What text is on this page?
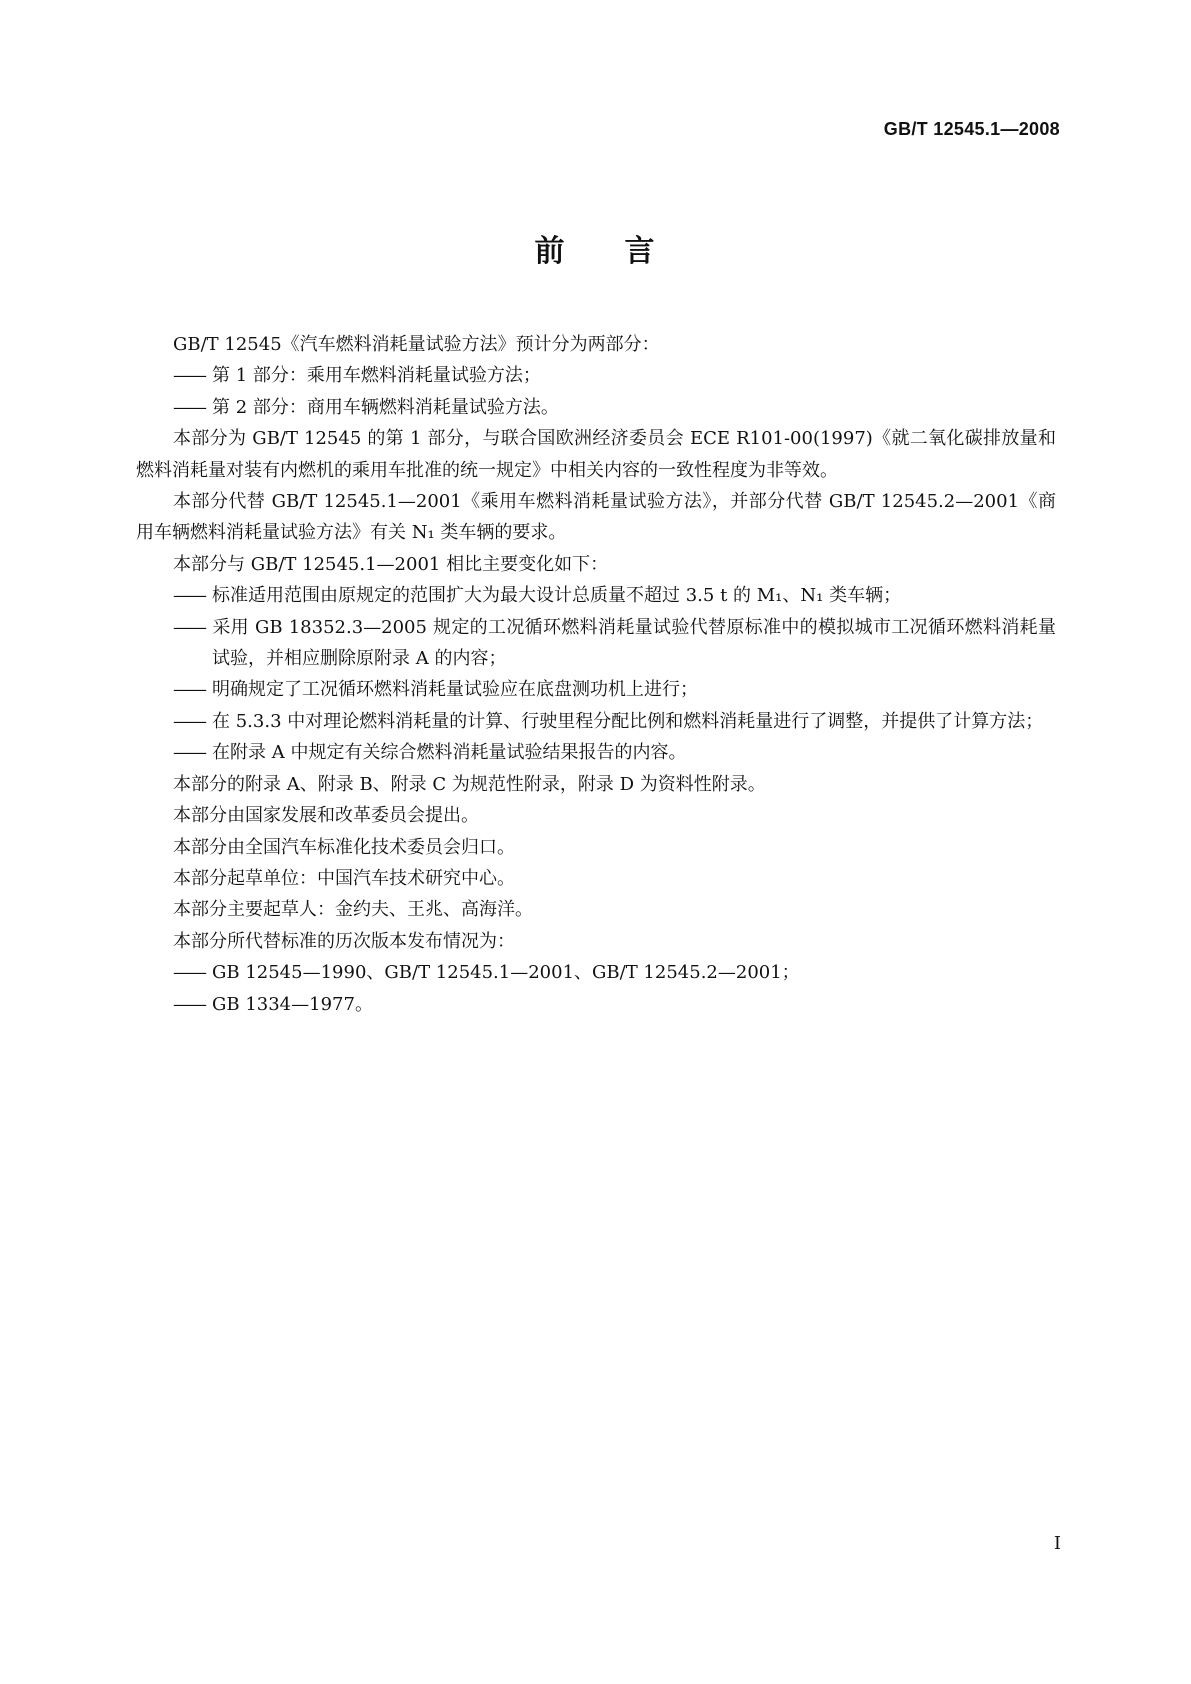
GB/T 12545.1—2008
前 言

GB/T 12545《汽车燃料消耗量试验方法》预计分为两部分：

—— 第 1 部分：乘用车燃料消耗量试验方法；

—— 第 2 部分：商用车辆燃料消耗量试验方法。

本部分为 GB/T 12545 的第 1 部分，与联合国欧洲经济委员会 ECE R101-00(1997)《就二氧化碳排放量和燃料消耗量对装有内燃机的乘用车批准的统一规定》中相关内容的一致性程度为非等效。

本部分代替 GB/T 12545.1—2001《乘用车燃料消耗量试验方法》，并部分代替 GB/T 12545.2—2001《商用车辆燃料消耗量试验方法》有关 N₁ 类车辆的要求。

本部分与 GB/T 12545.1—2001 相比主要变化如下：

—— 标准适用范围由原规定的范围扩大为最大设计总质量不超过 3.5 t 的 M₁、N₁ 类车辆；

—— 采用 GB 18352.3—2005 规定的工况循环燃料消耗量试验代替原标准中的模拟城市工况循环燃料消耗量试验，并相应删除原附录 A 的内容；

—— 明确规定了工况循环燃料消耗量试验应在底盘测功机上进行；

—— 在 5.3.3 中对理论燃料消耗量的计算、行驶里程分配比例和燃料消耗量进行了调整，并提供了计算方法；

—— 在附录 A 中规定有关综合燃料消耗量试验结果报告的内容。

本部分的附录 A、附录 B、附录 C 为规范性附录，附录 D 为资料性附录。

本部分由国家发展和改革委员会提出。

本部分由全国汽车标准化技术委员会归口。

本部分起草单位：中国汽车技术研究中心。

本部分主要起草人：金约夫、王兆、高海洋。

本部分所代替标准的历次版本发布情况为：

—— GB 12545—1990、GB/T 12545.1—2001、GB/T 12545.2—2001；

—— GB 1334—1977。

I
